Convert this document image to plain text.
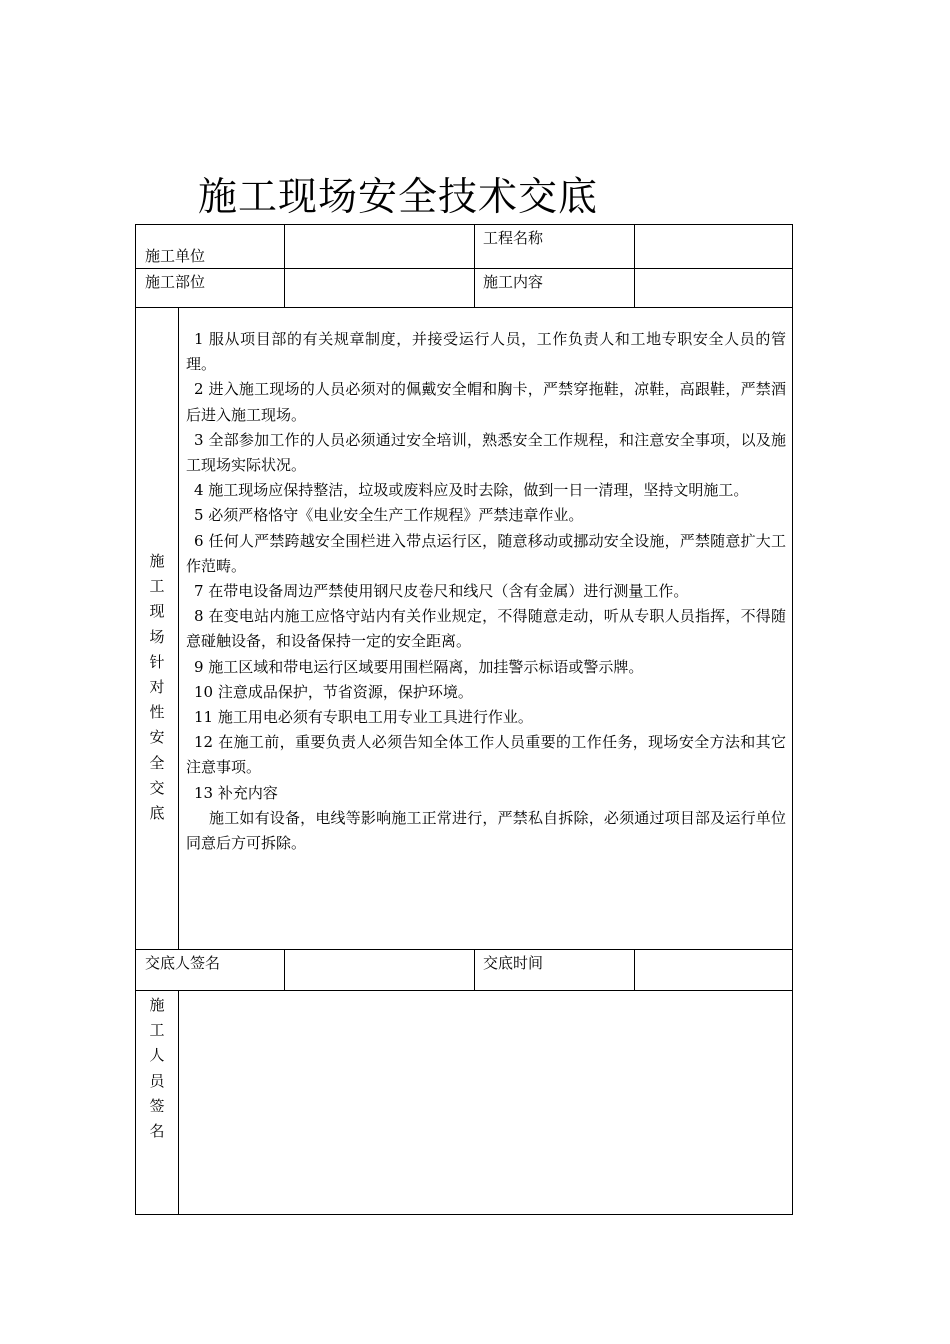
施工现场安全技术交底
施工单位
施工部位
工程名称
施工内容
施
工
现
场
针
对
性
安
全
交
底

1 服从项目部的有关规章制度，并接受运行人员，工作负责人和工地专职安全人员的管理。

2 进入施工现场的人员必须对的佩戴安全帽和胸卡，严禁穿拖鞋，凉鞋，高跟鞋，严禁酒后进入施工现场。

3 全部参加工作的人员必须通过安全培训，熟悉安全工作规程，和注意安全事项，以及施工现场实际状况。

4 施工现场应保持整洁，垃圾或废料应及时去除，做到一日一清理，坚持文明施工。

5 必须严格恪守《电业安全生产工作规程》严禁违章作业。

6 任何人严禁跨越安全围栏进入带点运行区，随意移动或挪动安全设施，严禁随意扩大工作范畴。

7 在带电设备周边严禁使用钢尺皮卷尺和线尺（含有金属）进行测量工作。

8 在变电站内施工应恪守站内有关作业规定，不得随意走动，听从专职人员指挥，不得随意碰触设备，和设备保持一定的安全距离。

9 施工区域和带电运行区域要用围栏隔离，加挂警示标语或警示牌。

10 注意成品保护，节省资源，保护环境。

11 施工用电必须有专职电工用专业工具进行作业。

12 在施工前，重要负责人必须告知全体工作人员重要的工作任务，现场安全方法和其它注意事项。

13 补充内容

施工如有设备，电线等影响施工正常进行，严禁私自拆除，必须通过项目部及运行单位同意后方可拆除。

交底人签名	交底时间
施
工
人
员
签
名
